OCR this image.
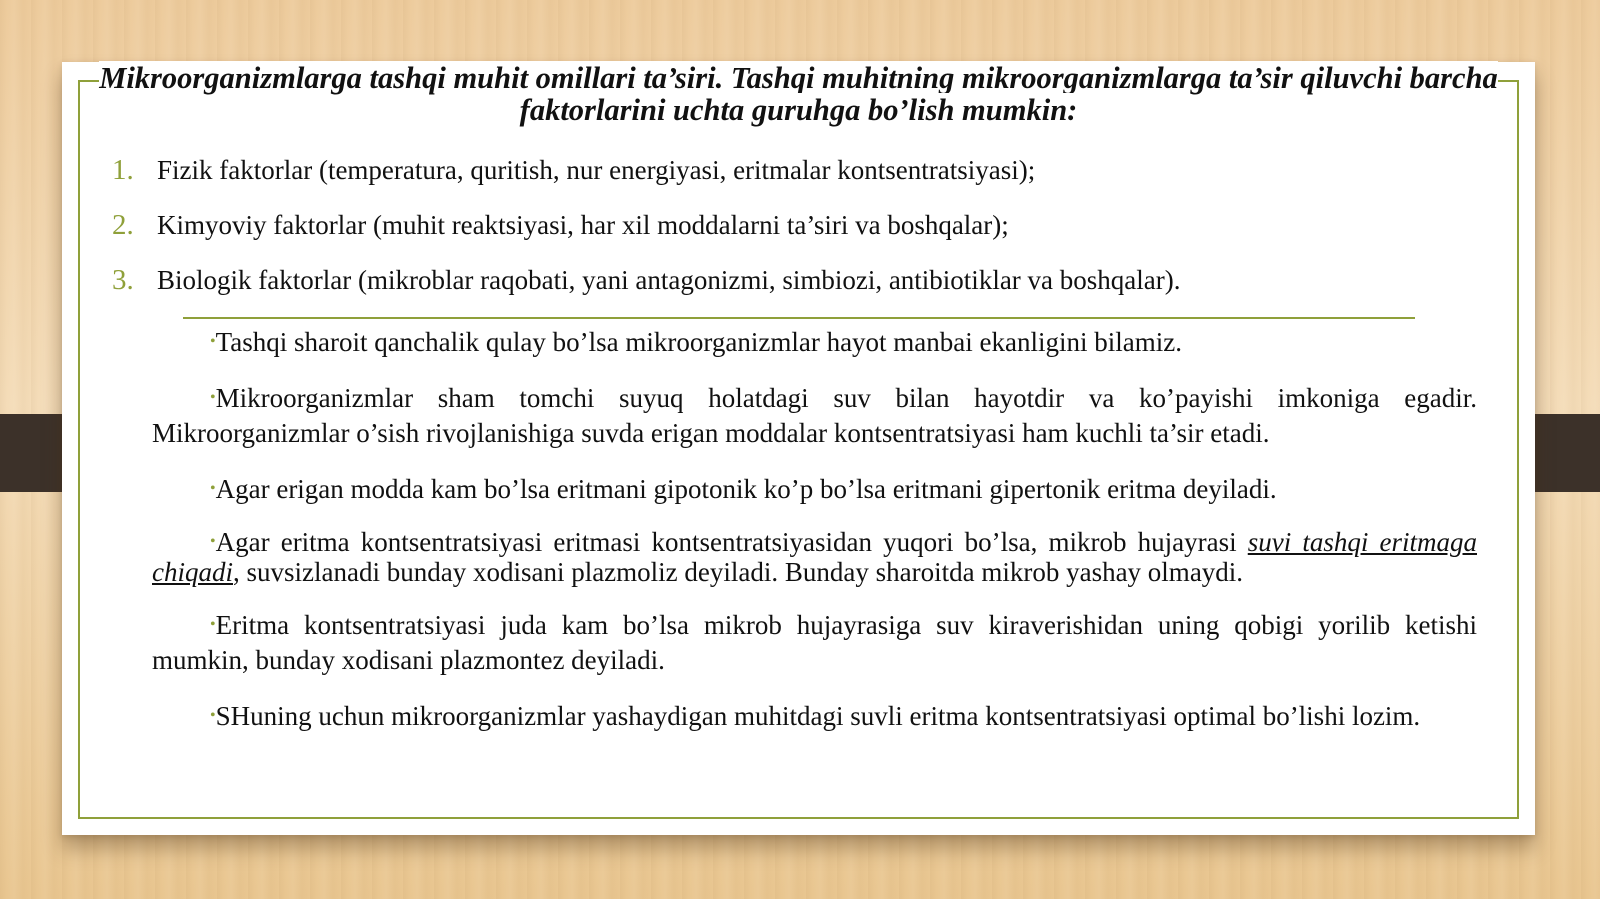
Mikroorganizmlarga tashqi muhit omillari ta’siri. Tashqi muhitning mikroorganizmlarga ta’sir qiluvchi barcha faktorlarini uchta guruhga bo’lish mumkin:
1. Fizik faktorlar (temperatura, quritish, nur energiyasi, eritmalar kontsentratsiyasi);
2. Kimyoviy faktorlar (muhit reaktsiyasi, har xil moddalarni ta’siri va boshqalar);
3. Biologik faktorlar (mikroblar raqobati, yani antagonizmi, simbiozi, antibiotiklar va boshqalar).

•Tashqi sharoit qanchalik qulay bo’lsa mikroorganizmlar hayot manbai ekanligini bilamiz.

•Mikroorganizmlar sham tomchi suyuq holatdagi suv bilan hayotdir va ko’payishi imkoniga egadir. Mikroorganizmlar o’sish rivojlanishiga suvda erigan moddalar kontsentratsiyasi ham kuchli ta’sir etadi.

•Agar erigan modda kam bo’lsa eritmani gipotonik ko’p bo’lsa eritmani gipertonik eritma deyiladi.

•Agar eritma kontsentratsiyasi eritmasi kontsentratsiyasidan yuqori bo’lsa, mikrob hujayrasi suvi tashqi eritmaga chiqadi, suvsizlanadi bunday xodisani plazmoliz deyiladi. Bunday sharoitda mikrob yashay olmaydi.

•Eritma kontsentratsiyasi juda kam bo’lsa mikrob hujayrasiga suv kiraverishidan uning qobigi yorilib ketishi mumkin, bunday xodisani plazmontez deyiladi.

•SHuning uchun mikroorganizmlar yashaydigan muhitdagi suvli eritma kontsentratsiyasi optimal bo’lishi lozim.
